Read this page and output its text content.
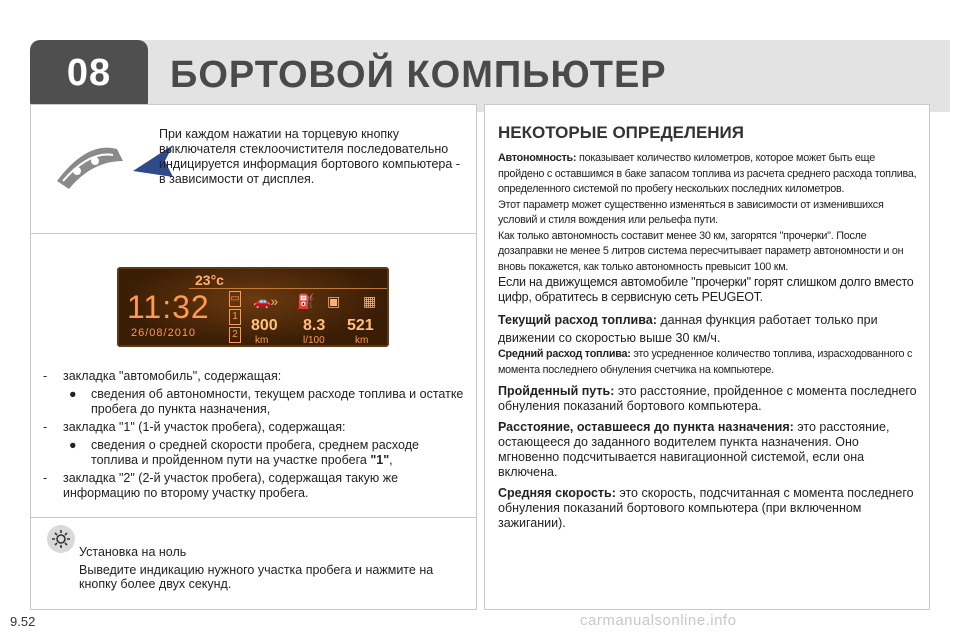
08	БОРТОВОЙ КОМПЬЮТЕР
При каждом нажатии на торцевую кнопку выключателя стеклоочистителя последовательно индицируется информация бортового компьютера - в зависимости от дисплея.
23°c
11:32
26/08/2010
▭
1
2
🚗» ⛽ ▣ ▦
800
km
8.3
l/100
521
km
- закладка "автомобиль", содержащая:
● сведения об автономности, текущем расходе топлива и остатке пробега до пункта назначения,
- закладка "1" (1-й участок пробега), содержащая:
● сведения о средней скорости пробега, среднем расходе топлива и пройденном пути на участке пробега "1",
- закладка "2" (2-й участок пробега), содержащая такую же информацию по второму участку пробега.
Установка на ноль
Выведите индикацию нужного участка пробега и нажмите на кнопку более двух секунд.
НЕКОТОРЫЕ ОПРЕДЕЛЕНИЯ
Автономность: показывает количество километров, которое может быть еще пройдено с оставшимся в баке запасом топлива из расчета среднего расхода топлива, определенного системой по пробегу нескольких последних километров.
Этот параметр может существенно изменяться в зависимости от изменившихся условий и стиля вождения или рельефа пути.
Как только автономность составит менее 30 км, загорятся "прочерки". После дозаправки не менее 5 литров система пересчитывает параметр автономности и он вновь покажется, как только автономность превысит 100 км.
Если на движущемся автомобиле "прочерки" горят слишком долго вместо цифр, обратитесь в сервисную сеть PEUGEOT.
Текущий расход топлива: данная функция работает только при движении со скоростью выше 30 км/ч.
Средний расход топлива: это усредненное количество топлива, израсходованного с момента последнего обнуления счетчика на компьютере.
Пройденный путь: это расстояние, пройденное с момента последнего обнуления показаний бортового компьютера.
Расстояние, оставшееся до пункта назначения: это расстояние, остающееся до заданного водителем пункта назначения. Оно мгновенно подсчитывается навигационной системой, если она включена.
Средняя скорость: это скорость, подсчитанная с момента последнего обнуления показаний бортового компьютера (при включенном зажигании).
9.52	carmanualsonline.info
